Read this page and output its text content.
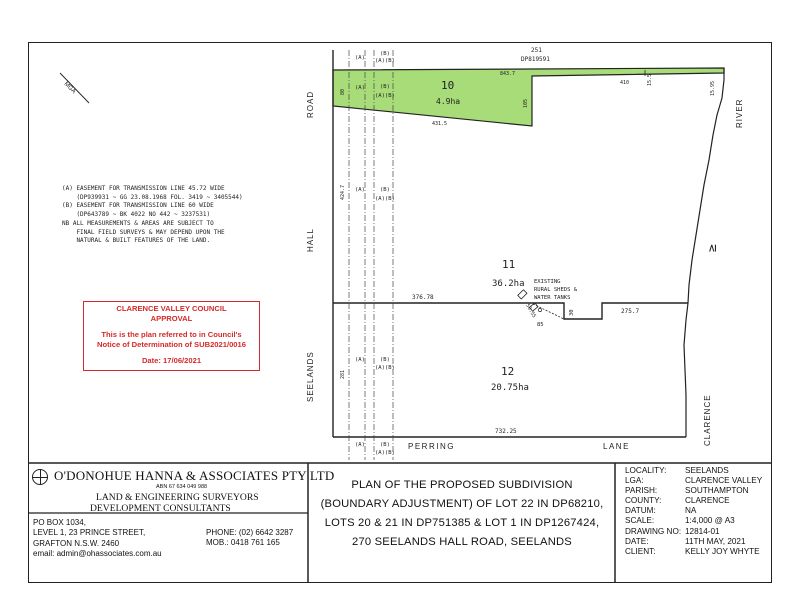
ROAD
HALL
SEELANDS
PERRING	LANE
RIVER
CLARENCE
MGA
251
DP819591
10
4.9ha
11
36.2ha
12
20.75ha
80
843.7
105
431.5
410	15.5
15.95
424.7
376.78
50.55
85
30	275.7
281
732.25
(A)
(B)
(A)(B)
(A)	(B)
(A)(B)
(A)	(B)
(A)(B)
(A)	(B)
(A)(B)
(A)	(B)
(A)(B)
EXISTING
RURAL SHEDS &
WATER TANKS
≥
(A) EASEMENT FOR TRANSMISSION LINE 45.72 WIDE
(DP939931 ~ GG 23.08.1968 FOL. 3419 ~ 3405544)
(B) EASEMENT FOR TRANSMISSION LINE 60 WIDE
(DP643789 ~ BK 4022 NO 442 ~ 3237531)
NB ALL MEASUREMENTS & AREAS ARE SUBJECT TO
FINAL FIELD SURVEYS & MAY DEPEND UPON THE
NATURAL & BUILT FEATURES OF THE LAND.
CLARENCE VALLEY COUNCIL
APPROVAL
This is the plan referred to in Council's
Notice of Determination of SUB2021/0016
Date: 17/06/2021
O'DONOHUE HANNA & ASSOCIATES PTY LTD
ABN 67 634 049 988
LAND & ENGINEERING SURVEYORS
DEVELOPMENT CONSULTANTS
PO BOX 1034,
LEVEL 1, 23 PRINCE STREET,
GRAFTON N.S.W. 2460
email: admin@ohassociates.com.au
PHONE: (02) 6642 3287
MOB.: 0418 761 165
PLAN OF THE PROPOSED SUBDIVISION
(BOUNDARY ADJUSTMENT) OF LOT 22 IN DP68210,
LOTS 20 & 21 IN DP751385 & LOT 1 IN DP1267424,
270 SEELANDS HALL ROAD, SEELANDS
LOCALITY:	SEELANDS
LGA:	CLARENCE VALLEY
PARISH:	SOUTHAMPTON
COUNTY:	CLARENCE
DATUM:	NA
SCALE:	1:4,000 @ A3
DRAWING NO: 12814-01
DATE:	11TH MAY, 2021
CLIENT:	KELLY JOY WHYTE
